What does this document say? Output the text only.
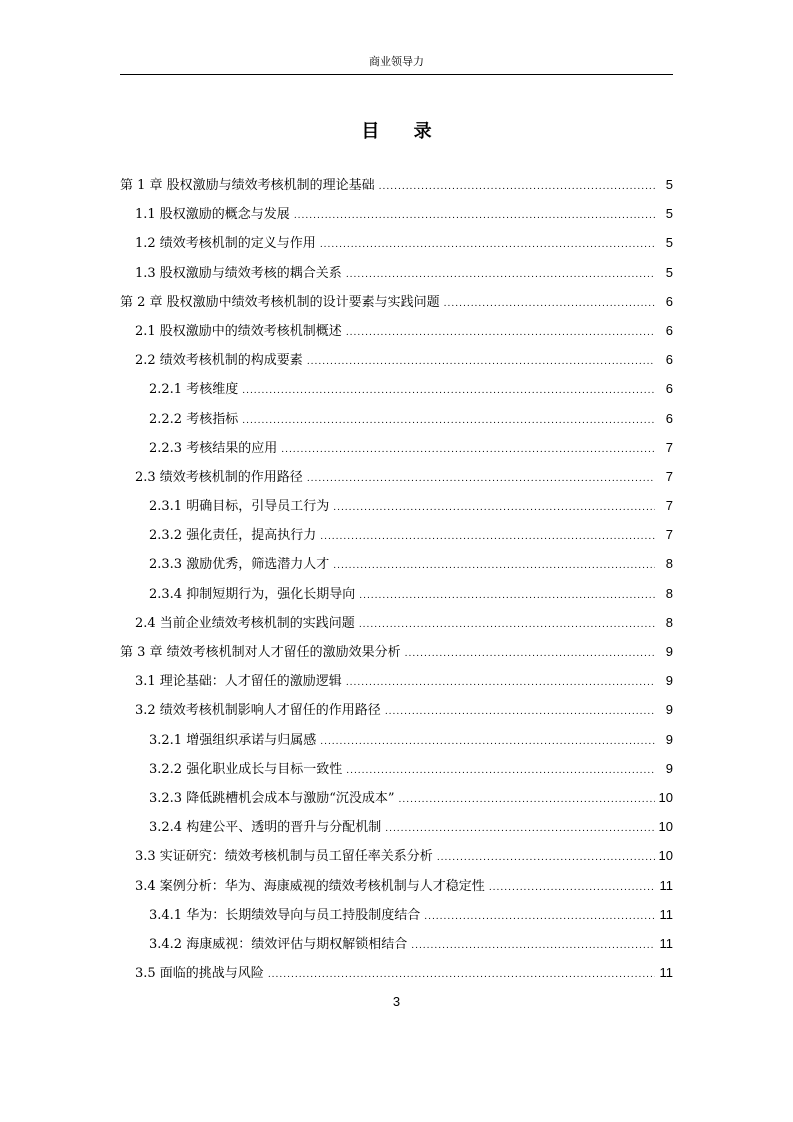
商业领导力
目 录
第 1 章 股权激励与绩效考核机制的理论基础 .....	5
1.1 股权激励的概念与发展 .....	5
1.2 绩效考核机制的定义与作用 .....	5
1.3 股权激励与绩效考核的耦合关系 .....	5
第 2 章 股权激励中绩效考核机制的设计要素与实践问题 .....	6
2.1 股权激励中的绩效考核机制概述 .....	6
2.2 绩效考核机制的构成要素 .....	6
2.2.1 考核维度 .....	6
2.2.2 考核指标 .....	6
2.2.3 考核结果的应用 .....	7
2.3 绩效考核机制的作用路径 .....	7
2.3.1 明确目标，引导员工行为 .....	7
2.3.2 强化责任，提高执行力 .....	7
2.3.3 激励优秀，筛选潜力人才 .....	8
2.3.4 抑制短期行为，强化长期导向 .....	8
2.4 当前企业绩效考核机制的实践问题 .....	8
第 3 章 绩效考核机制对人才留任的激励效果分析 .....	9
3.1 理论基础：人才留任的激励逻辑 .....	9
3.2 绩效考核机制影响人才留任的作用路径 .....	9
3.2.1 增强组织承诺与归属感 .....	9
3.2.2 强化职业成长与目标一致性 .....	9
3.2.3 降低跳槽机会成本与激励“沉没成本” .....	10
3.2.4 构建公平、透明的晋升与分配机制 .....	10
3.3 实证研究：绩效考核机制与员工留任率关系分析 .....	10
3.4 案例分析：华为、海康威视的绩效考核机制与人才稳定性 .....	11
3.4.1 华为：长期绩效导向与员工持股制度结合 .....	11
3.4.2 海康威视：绩效评估与期权解锁相结合 .....	11
3.5 面临的挑战与风险 .....	11
3
